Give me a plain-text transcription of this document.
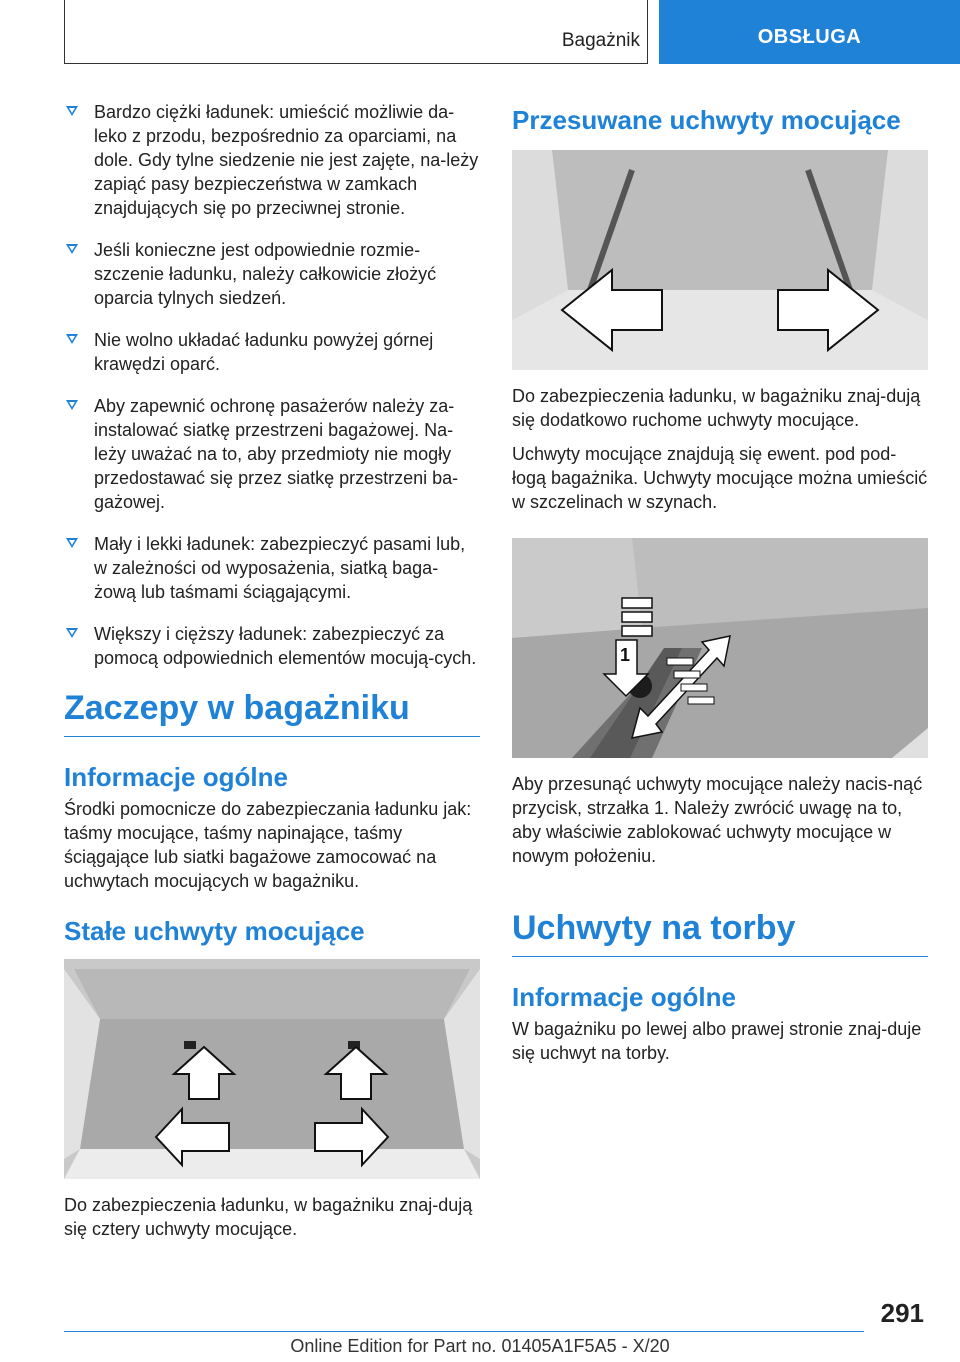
Bagażnik	OBSŁUGA
Bardzo ciężki ładunek: umieścić możliwie da-leko z przodu, bezpośrednio za oparciami, na dole. Gdy tylne siedzenie nie jest zajęte, na-leży zapiąć pasy bezpieczeństwa w zamkach znajdujących się po przeciwnej stronie.
Jeśli konieczne jest odpowiednie rozmie-szczenie ładunku, należy całkowicie złożyć oparcia tylnych siedzeń.
Nie wolno układać ładunku powyżej górnej krawędzi oparć.
Aby zapewnić ochronę pasażerów należy za-instalować siatkę przestrzeni bagażowej. Na-leży uważać na to, aby przedmioty nie mogły przedostawać się przez siatkę przestrzeni ba-gażowej.
Mały i lekki ładunek: zabezpieczyć pasami lub, w zależności od wyposażenia, siatką baga-żową lub taśmami ściągającymi.
Większy i cięższy ładunek: zabezpieczyć za pomocą odpowiednich elementów mocują-cych.
Zaczepy w bagażniku
Informacje ogólne

Środki pomocnicze do zabezpieczania ładunku jak: taśmy mocujące, taśmy napinające, taśmy ściągające lub siatki bagażowe zamocować na uchwytach mocujących w bagażniku.

Stałe uchwyty mocujące

Do zabezpieczenia ładunku, w bagażniku znaj-dują się cztery uchwyty mocujące.

Przesuwane uchwyty mocujące

Do zabezpieczenia ładunku, w bagażniku znaj-dują się dodatkowo ruchome uchwyty mocujące.

Uchwyty mocujące znajdują się ewent. pod pod-łogą bagażnika. Uchwyty mocujące można umieścić w szczelinach w szynach.

1

Aby przesunąć uchwyty mocujące należy nacis-nąć przycisk, strzałka 1. Należy zwrócić uwagę na to, aby właściwie zablokować uchwyty mocujące w nowym położeniu.

Uchwyty na torby
Informacje ogólne

W bagażniku po lewej albo prawej stronie znaj-duje się uchwyt na torby.

291
Online Edition for Part no. 01405A1F5A5 - X/20
